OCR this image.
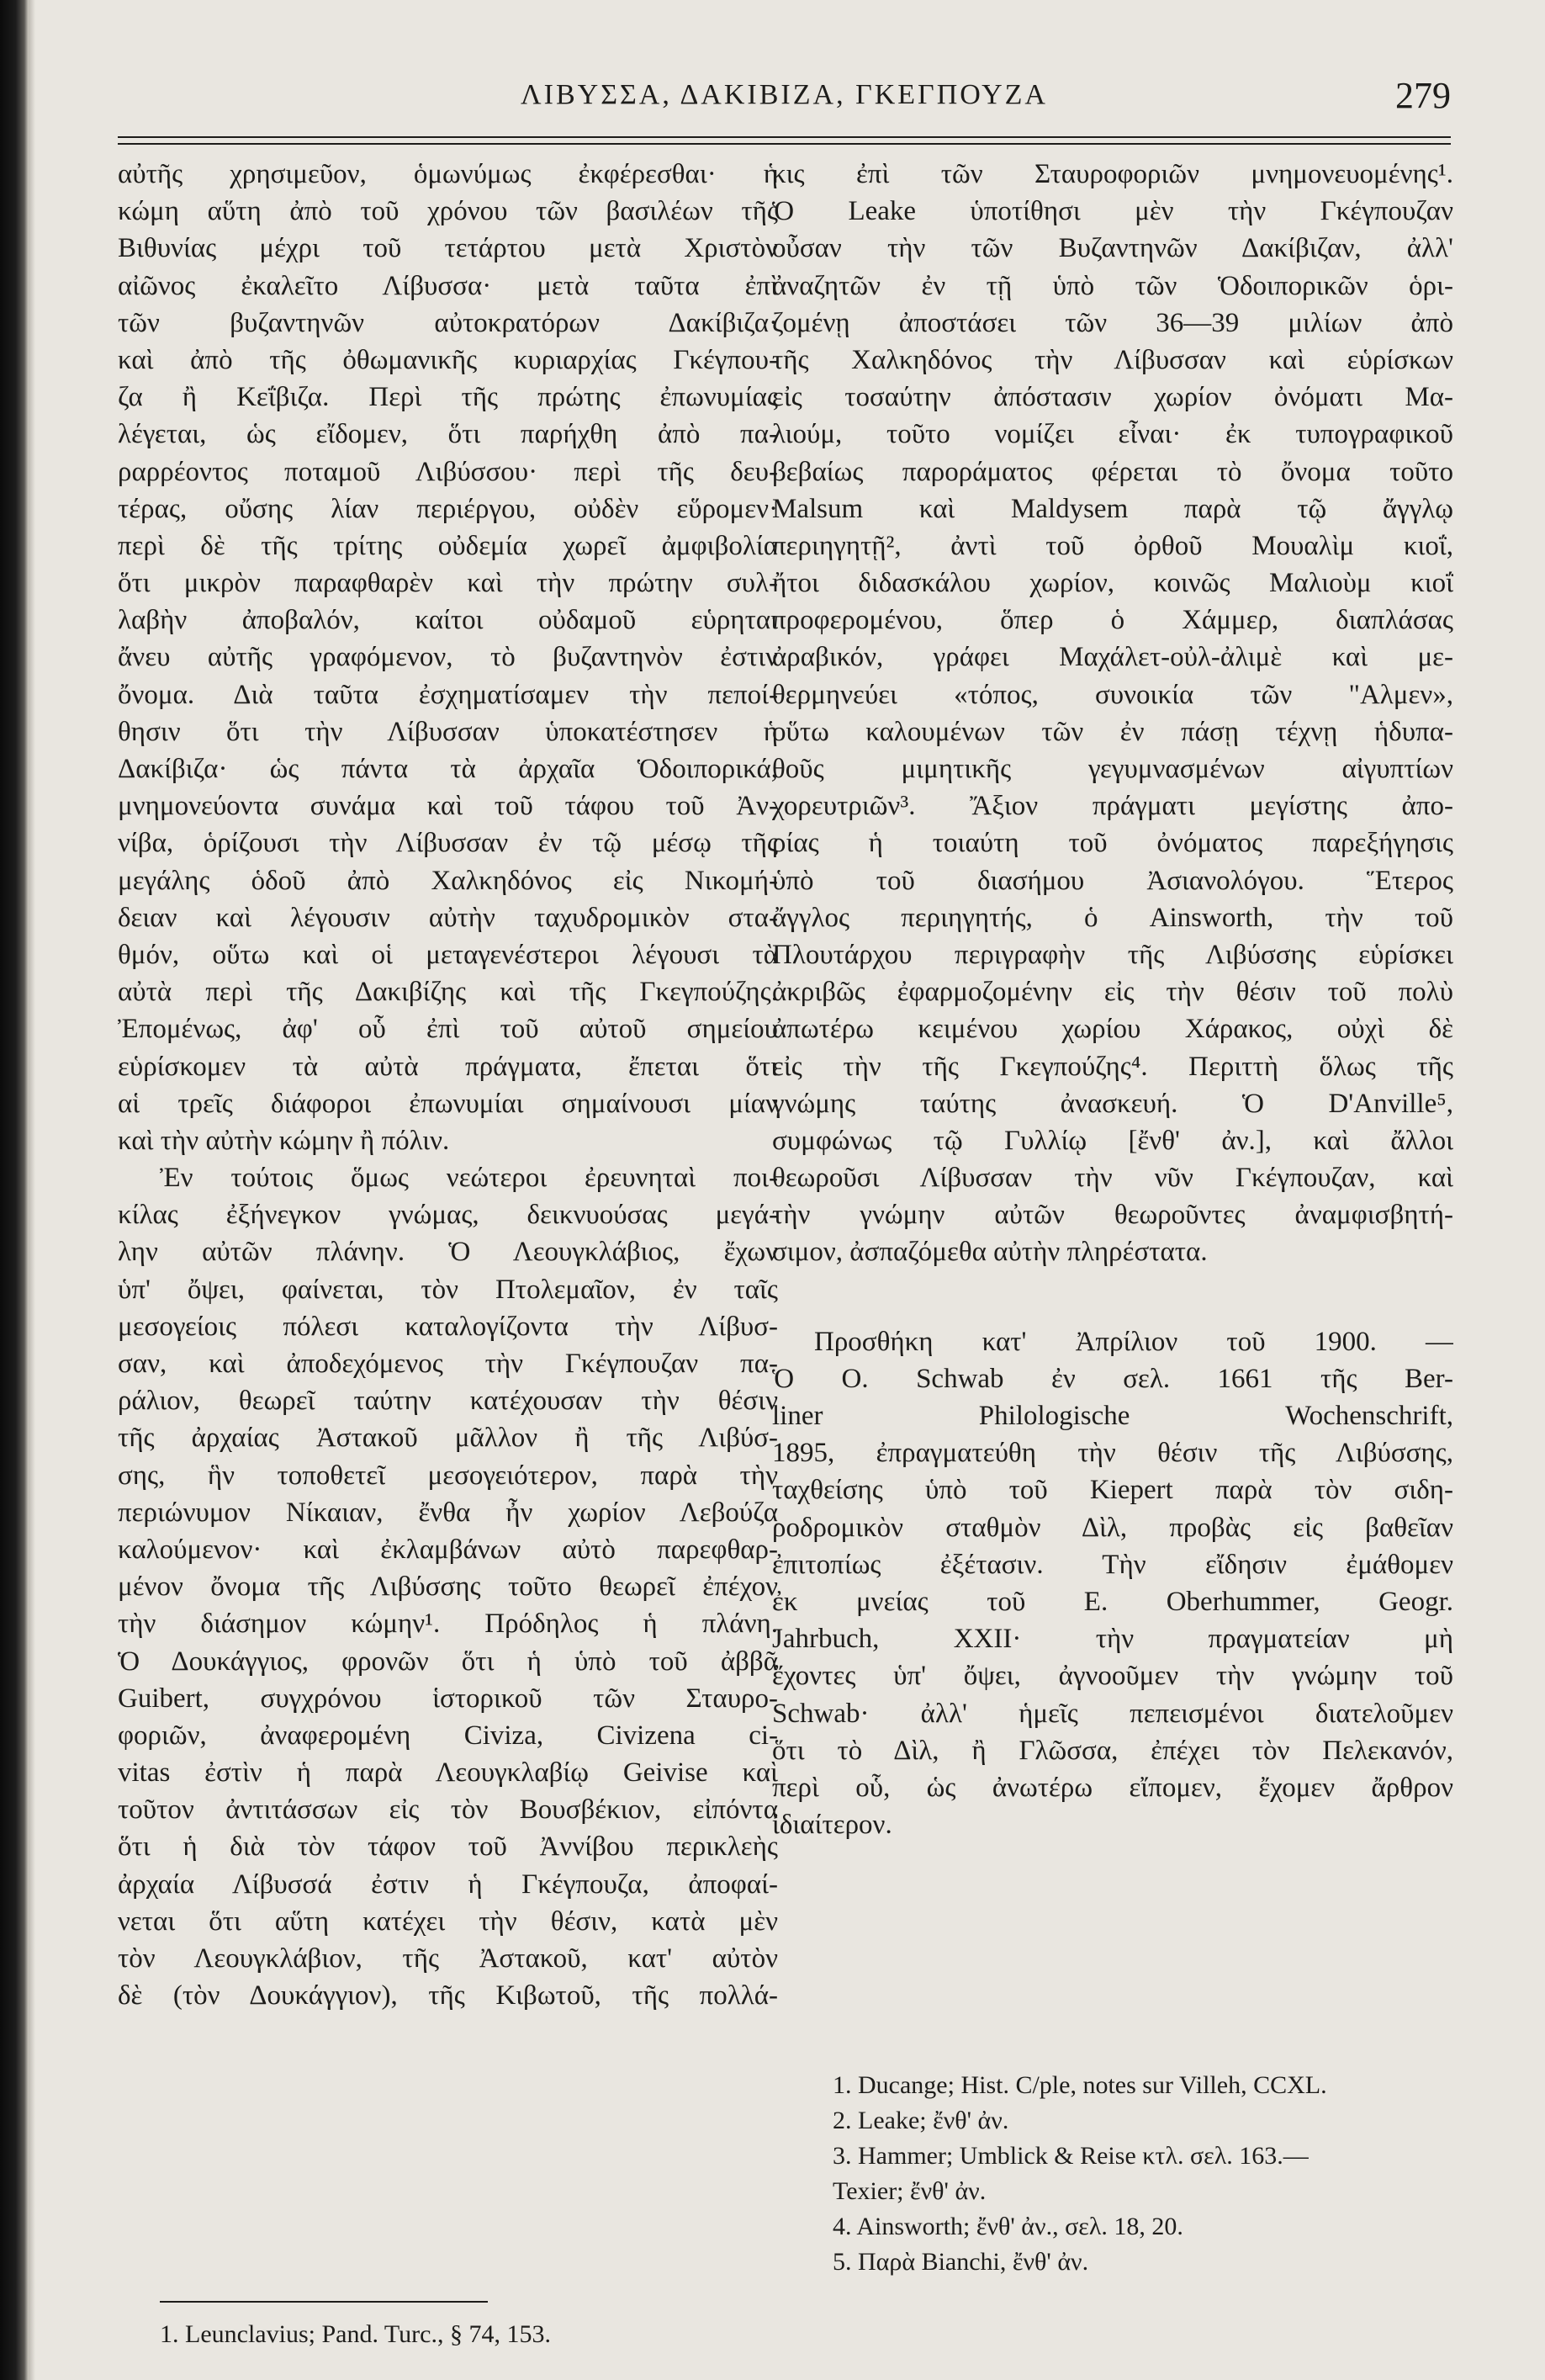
ΛΙΒΥΣΣΑ, ΔΑΚΙΒΙΖΑ, ΓΚΕΓΠΟΥΖΑ	279
αὐτῆς χρησιμεῦον, ὁμωνύμως ἐκφέρεσθαι· ἡ
κώμη αὕτη ἀπὸ τοῦ χρόνου τῶν βασιλέων τῆς
Βιθυνίας μέχρι τοῦ τετάρτου μετὰ Χριστὸν
αἰῶνος ἐκαλεῖτο Λίβυσσα· μετὰ ταῦτα ἐπὶ
τῶν βυζαντηνῶν αὐτοκρατόρων Δακίβιζα·
καὶ ἀπὸ τῆς ὀθωμανικῆς κυριαρχίας Γκέγπου-
ζα ἢ Κεΐβιζα. Περὶ τῆς πρώτης ἐπωνυμίας
λέγεται, ὡς εἴδομεν, ὅτι παρήχθη ἀπὸ πα-
ραρρέοντος ποταμοῦ Λιβύσσου· περὶ τῆς δευ-
τέρας, οὔσης λίαν περιέργου, οὐδὲν εὕρομεν·
περὶ δὲ τῆς τρίτης οὐδεμία χωρεῖ ἀμφιβολία
ὅτι μικρὸν παραφθαρὲν καὶ τὴν πρώτην συλ-
λαβὴν ἀποβαλόν, καίτοι οὐδαμοῦ εὑρηται
ἄνευ αὐτῆς γραφόμενον, τὸ βυζαντηνὸν ἐστιν
ὄνομα. Διὰ ταῦτα ἐσχηματίσαμεν τὴν πεποί-
θησιν ὅτι τὴν Λίβυσσαν ὑποκατέστησεν ἡ
Δακίβιζα· ὡς πάντα τὰ ἀρχαῖα Ὁδοιπορικά,
μνημονεύοντα συνάμα καὶ τοῦ τάφου τοῦ Ἀν-
νίβα, ὁρίζουσι τὴν Λίβυσσαν ἐν τῷ μέσῳ τῆς
μεγάλης ὁδοῦ ἀπὸ Χαλκηδόνος εἰς Νικομή-
δειαν καὶ λέγουσιν αὐτὴν ταχυδρομικὸν στα-
θμόν, οὕτω καὶ οἱ μεταγενέστεροι λέγουσι τὰ
αὐτὰ περὶ τῆς Δακιβίζης καὶ τῆς Γκεγπούζης.
Ἐπομένως, ἀφ' οὗ ἐπὶ τοῦ αὐτοῦ σημείου
εὑρίσκομεν τὰ αὐτὰ πράγματα, ἔπεται ὅτι
αἱ τρεῖς διάφοροι ἐπωνυμίαι σημαίνουσι μίαν
καὶ τὴν αὐτὴν κώμην ἢ πόλιν.
Ἐν τούτοις ὅμως νεώτεροι ἐρευνηταὶ ποι-
κίλας ἐξήνεγκον γνώμας, δεικνυούσας μεγά-
λην αὐτῶν πλάνην. Ὁ Λεουγκλάβιος, ἔχων
ὑπ' ὄψει, φαίνεται, τὸν Πτολεμαῖον, ἐν ταῖς
μεσογείοις πόλεσι καταλογίζοντα τὴν Λίβυσ-
σαν, καὶ ἀποδεχόμενος τὴν Γκέγπουζαν πα-
ράλιον, θεωρεῖ ταύτην κατέχουσαν τὴν θέσιν
τῆς ἀρχαίας Ἀστακοῦ μᾶλλον ἢ τῆς Λιβύσ-
σης, ἣν τοποθετεῖ μεσογειότερον, παρὰ τὴν
περιώνυμον Νίκαιαν, ἔνθα ἦν χωρίον Λεβούζα
καλούμενον· καὶ ἐκλαμβάνων αὐτὸ παρεφθαρ-
μένον ὄνομα τῆς Λιβύσσης τοῦτο θεωρεῖ ἐπέχον
τὴν διάσημον κώμην¹. Πρόδηλος ἡ πλάνη.
Ὁ Δουκάγγιος, φρονῶν ὅτι ἡ ὑπὸ τοῦ ἀββᾶ
Guibert, συγχρόνου ἱστορικοῦ τῶν Σταυρο-
φοριῶν, ἀναφερομένη Civiza, Civizena ci-
vitas ἐστὶν ἡ παρὰ Λεουγκλαβίῳ Geivise καὶ
τοῦτον ἀντιτάσσων εἰς τὸν Βουσβέκιον, εἰπόντα
ὅτι ἡ διὰ τὸν τάφον τοῦ Ἀννίβου περικλεὴς
ἀρχαία Λίβυσσά ἐστιν ἡ Γκέγπουζα, ἀποφαί-
νεται ὅτι αὕτη κατέχει τὴν θέσιν, κατὰ μὲν
τὸν Λεουγκλάβιον, τῆς Ἀστακοῦ, κατ' αὐτὸν
δὲ (τὸν Δουκάγγιον), τῆς Κιβωτοῦ, τῆς πολλά-
κις ἐπὶ τῶν Σταυροφοριῶν μνημονευομένης¹.
Ὁ Leake ὑποτίθησι μὲν τὴν Γκέγπουζαν
οὖσαν τὴν τῶν Βυζαντηνῶν Δακίβιζαν, ἀλλ'
ἀναζητῶν ἐν τῇ ὑπὸ τῶν Ὁδοιπορικῶν ὁρι-
ζομένῃ ἀποστάσει τῶν 36—39 μιλίων ἀπὸ
τῆς Χαλκηδόνος τὴν Λίβυσσαν καὶ εὑρίσκων
εἰς τοσαύτην ἀπόστασιν χωρίον ὀνόματι Μα-
λιούμ, τοῦτο νομίζει εἶναι· ἐκ τυπογραφικοῦ
βεβαίως παροράματος φέρεται τὸ ὄνομα τοῦτο
Malsum καὶ Maldysem παρὰ τῷ ἄγγλῳ
περιηγητῇ², ἀντὶ τοῦ ὀρθοῦ Μουαλὶμ κιοΐ,
ἤτοι διδασκάλου χωρίον, κοινῶς Μαλιοὺμ κιοΐ
προφερομένου, ὅπερ ὁ Χάμμερ, διαπλάσας
ἀραβικόν, γράφει Μαχάλετ-οὐλ-ἀλιμὲ καὶ με-
θερμηνεύει «τόπος, συνοικία τῶν "Αλμεν»,
οὕτω καλουμένων τῶν ἐν πάσῃ τέχνῃ ἡδυπα-
θοῦς μιμητικῆς γεγυμνασμένων αἰγυπτίων
χορευτριῶν³. Ἄξιον πράγματι μεγίστης ἀπο-
ρίας ἡ τοιαύτη τοῦ ὀνόματος παρεξήγησις
ὑπὸ τοῦ διασήμου Ἀσιανολόγου. Ἕτερος
ἄγγλος περιηγητής, ὁ Ainsworth, τὴν τοῦ
Πλουτάρχου περιγραφὴν τῆς Λιβύσσης εὑρίσκει
ἀκριβῶς ἐφαρμοζομένην εἰς τὴν θέσιν τοῦ πολὺ
ἀπωτέρω κειμένου χωρίου Χάρακος, οὐχὶ δὲ
εἰς τὴν τῆς Γκεγπούζης⁴. Περιττὴ ὅλως τῆς
γνώμης ταύτης ἀνασκευή. Ὁ D'Anville⁵,
συμφώνως τῷ Γυλλίῳ [ἔνθ' ἀν.], καὶ ἄλλοι
θεωροῦσι Λίβυσσαν τὴν νῦν Γκέγπουζαν, καὶ
τὴν γνώμην αὐτῶν θεωροῦντες ἀναμφισβητή-
σιμον, ἀσπαζόμεθα αὐτὴν πληρέστατα.
Προσθήκη κατ' Ἀπρίλιον τοῦ 1900. —
Ὁ O. Schwab ἐν σελ. 1661 τῆς Ber-
liner Philologische Wochenschrift,
1895, ἐπραγματεύθη τὴν θέσιν τῆς Λιβύσσης,
ταχθείσης ὑπὸ τοῦ Kiepert παρὰ τὸν σιδη-
ροδρομικὸν σταθμὸν Δὶλ, προβὰς εἰς βαθεῖαν
ἐπιτοπίως ἐξέτασιν. Τὴν εἴδησιν ἐμάθομεν
ἐκ μνείας τοῦ E. Oberhummer, Geogr.
Jahrbuch, XXII· τὴν πραγματείαν μὴ
ἔχοντες ὑπ' ὄψει, ἀγνοοῦμεν τὴν γνώμην τοῦ
Schwab· ἀλλ' ἡμεῖς πεπεισμένοι διατελοῦμεν
ὅτι τὸ Δὶλ, ἢ Γλῶσσα, ἐπέχει τὸν Πελεκανόν,
περὶ οὗ, ὡς ἀνωτέρω εἴπομεν, ἔχομεν ἄρθρον
ἰδιαίτερον.
1. Leunclavius; Pand. Turc., § 74, 153.
1. Ducange; Hist. C/ple, notes sur Villeh, CCXL.
2. Leake; ἔνθ' ἀν.
3. Hammer; Umblick & Reise κτλ. σελ. 163.—
Texier; ἔνθ' ἀν.
4. Ainsworth; ἔνθ' ἀν., σελ. 18, 20.
5. Παρὰ Bianchi, ἔνθ' ἀν.
